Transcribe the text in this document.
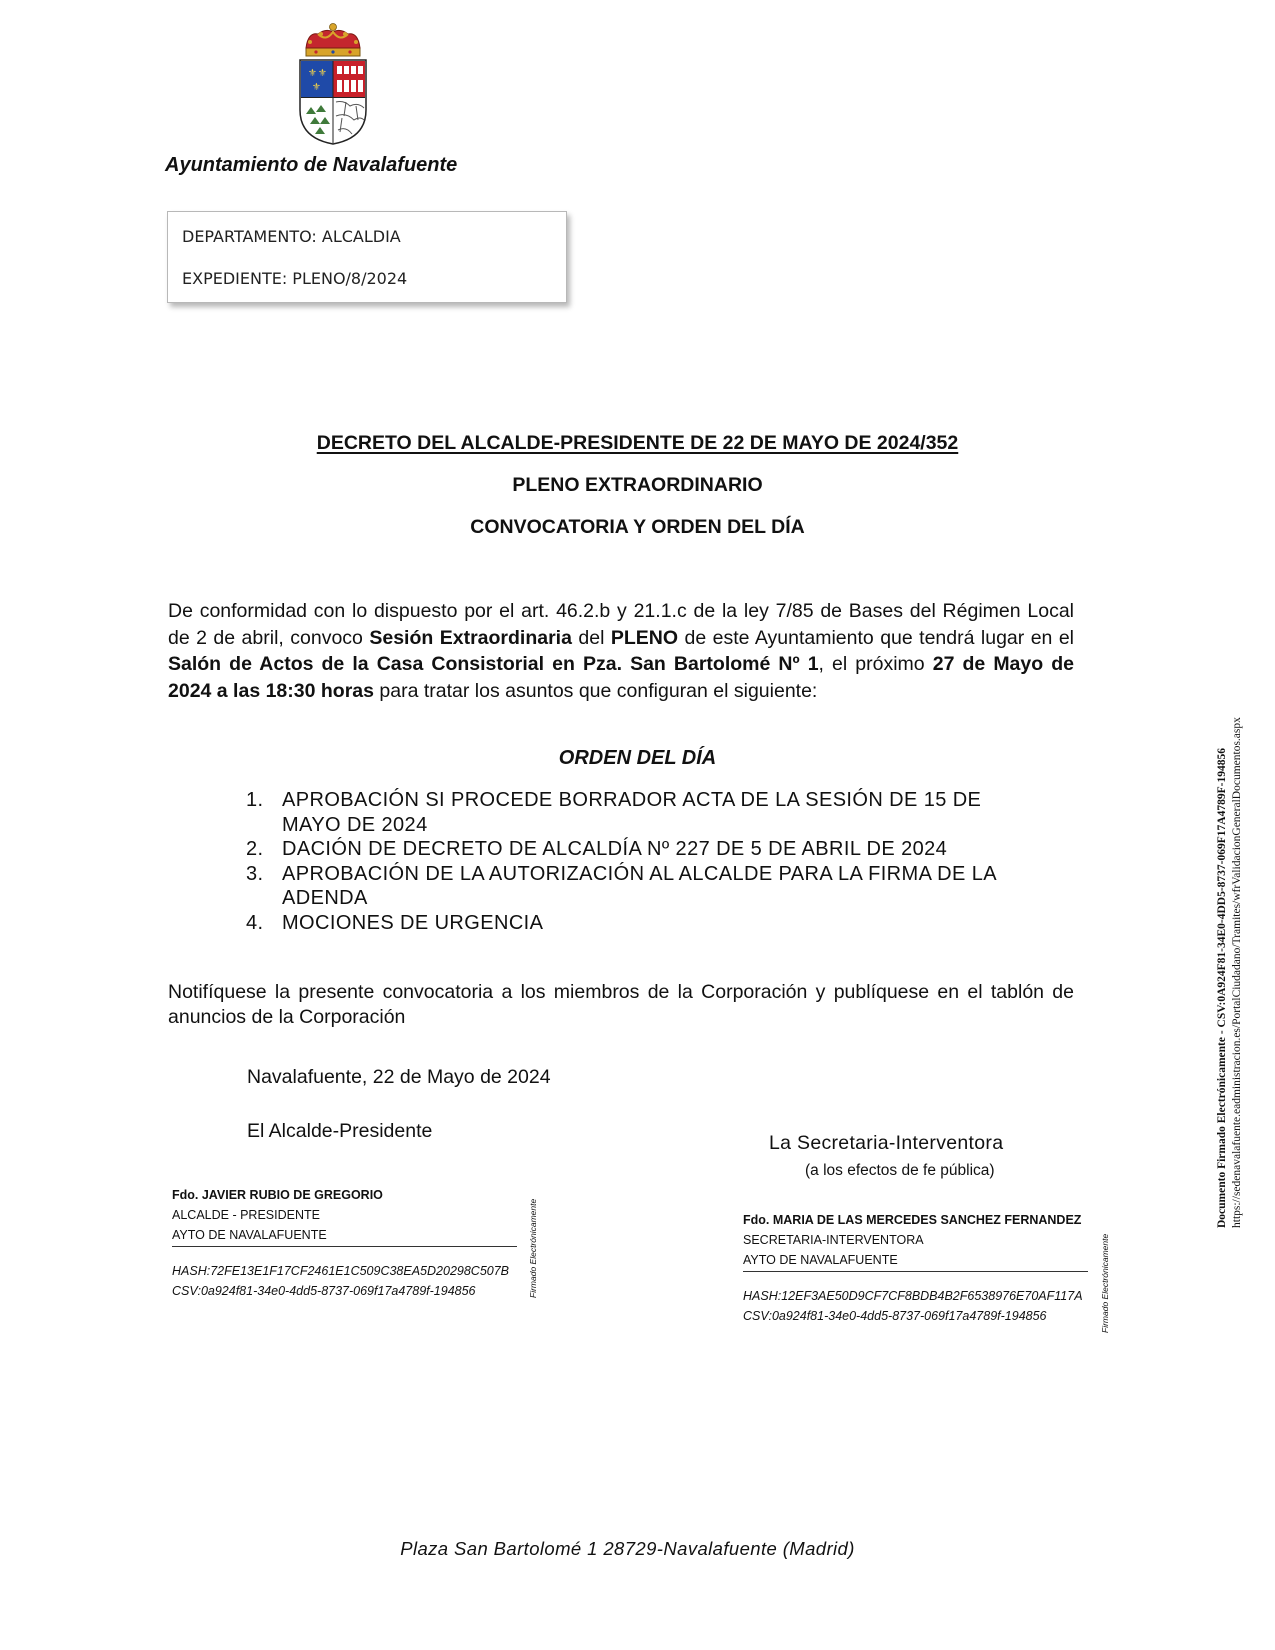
⚜ ⚜
⚜
Ayuntamiento de Navalafuente
DEPARTAMENTO: ALCALDIA
EXPEDIENTE: PLENO/8/2024
DECRETO DEL ALCALDE-PRESIDENTE DE 22 DE MAYO DE 2024/352
PLENO EXTRAORDINARIO
CONVOCATORIA Y ORDEN DEL DÍA
De conformidad con lo dispuesto por el art. 46.2.b y 21.1.c de la ley 7/85 de Bases del Régimen Local de 2 de abril, convoco Sesión Extraordinaria del PLENO de este Ayuntamiento que tendrá lugar en el Salón de Actos de la Casa Consistorial en Pza. San Bartolomé Nº 1, el próximo 27 de Mayo de 2024 a las 18:30 horas para tratar los asuntos que configuran el siguiente:
ORDEN DEL DÍA
1. APROBACIÓN SI PROCEDE BORRADOR ACTA DE LA SESIÓN DE 15 DE MAYO DE 2024
2. DACIÓN DE DECRETO DE ALCALDÍA Nº 227 DE 5 DE ABRIL DE 2024
3. APROBACIÓN DE LA AUTORIZACIÓN AL ALCALDE PARA LA FIRMA DE LA ADENDA
4. MOCIONES DE URGENCIA
Notifíquese la presente convocatoria a los miembros de la Corporación y publíquese en el tablón de anuncios de la Corporación
Navalafuente, 22 de Mayo de 2024
El Alcalde-Presidente
La Secretaria-Interventora
(a los efectos de fe pública)
Fdo. JAVIER RUBIO DE GREGORIO
ALCALDE - PRESIDENTE
AYTO DE NAVALAFUENTE
HASH:72FE13E1F17CF2461E1C509C38EA5D20298C507B
CSV:0a924f81-34e0-4dd5-8737-069f17a4789f-194856	Firmado Electrónicamente	Fdo. MARIA DE LAS MERCEDES SANCHEZ FERNANDEZ
SECRETARIA-INTERVENTORA
AYTO DE NAVALAFUENTE
HASH:12EF3AE50D9CF7CF8BDB4B2F6538976E70AF117A
CSV:0a924f81-34e0-4dd5-8737-069f17a4789f-194856	Firmado Electrónicamente
Documento Firmado Electrónicamente - CSV:0A924F81-34E0-4DD5-8737-069F17A4789F-194856 https://sedenavalafuente.eadministracion.es/PortalCiudadano/Tramites/wfrValidacionGeneralDocumentos.aspx
Plaza San Bartolomé 1 28729-Navalafuente (Madrid)
